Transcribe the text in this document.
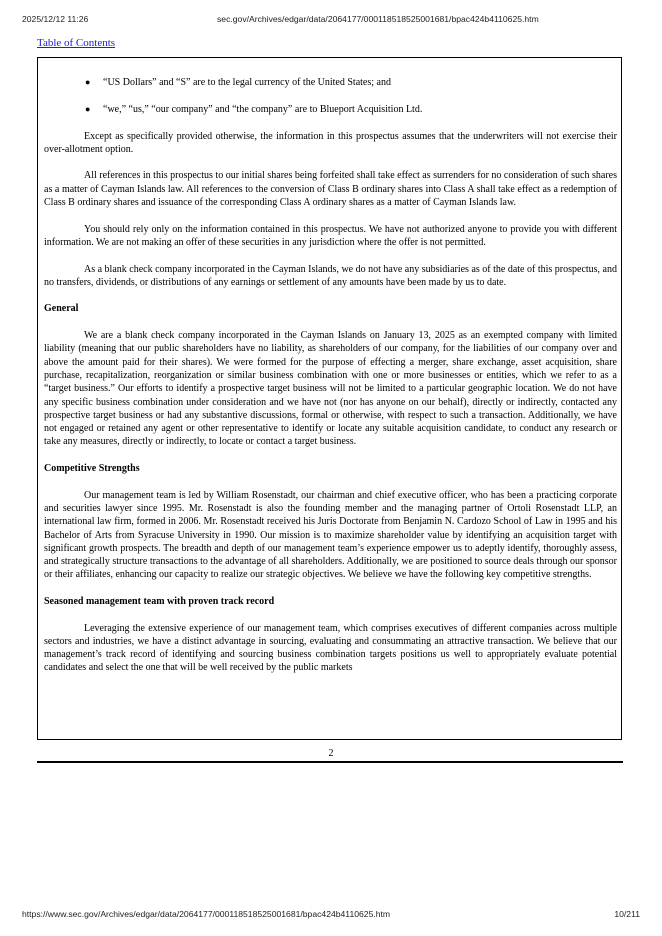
2025/12/12 11:26	sec.gov/Archives/edgar/data/2064177/000118518525001681/bpac424b4110625.htm
Table of Contents
● “US Dollars” and “S” are to the legal currency of the United States; and
● “we,” “us,” “our company” and “the company” are to Blueport Acquisition Ltd.

Except as specifically provided otherwise, the information in this prospectus assumes that the underwriters will not exercise their over-allotment option.

All references in this prospectus to our initial shares being forfeited shall take effect as surrenders for no consideration of such shares as a matter of Cayman Islands law. All references to the conversion of Class B ordinary shares into Class A shall take effect as a redemption of Class B ordinary shares and issuance of the corresponding Class A ordinary shares as a matter of Cayman Islands law.

You should rely only on the information contained in this prospectus. We have not authorized anyone to provide you with different information. We are not making an offer of these securities in any jurisdiction where the offer is not permitted.

As a blank check company incorporated in the Cayman Islands, we do not have any subsidiaries as of the date of this prospectus, and no transfers, dividends, or distributions of any earnings or settlement of any amounts have been made by us to date.

General

We are a blank check company incorporated in the Cayman Islands on January 13, 2025 as an exempted company with limited liability (meaning that our public shareholders have no liability, as shareholders of our company, for the liabilities of our company over and above the amount paid for their shares). We were formed for the purpose of effecting a merger, share exchange, asset acquisition, share purchase, recapitalization, reorganization or similar business combination with one or more businesses or entities, which we refer to as a “target business.” Our efforts to identify a prospective target business will not be limited to a particular geographic location. We do not have any specific business combination under consideration and we have not (nor has anyone on our behalf), directly or indirectly, contacted any prospective target business or had any substantive discussions, formal or otherwise, with respect to such a transaction. Additionally, we have not engaged or retained any agent or other representative to identify or locate any suitable acquisition candidate, to conduct any research or take any measures, directly or indirectly, to locate or contact a target business.

Competitive Strengths

Our management team is led by William Rosenstadt, our chairman and chief executive officer, who has been a practicing corporate and securities lawyer since 1995. Mr. Rosenstadt is also the founding member and the managing partner of Ortoli Rosenstadt LLP, an international law firm, formed in 2006. Mr. Rosenstadt received his Juris Doctorate from Benjamin N. Cardozo School of Law in 1995 and his Bachelor of Arts from Syracuse University in 1990. Our mission is to maximize shareholder value by identifying an acquisition target with significant growth prospects. The breadth and depth of our management team’s experience empower us to adeptly identify, thoroughly assess, and strategically structure transactions to the advantage of all shareholders. Additionally, we are positioned to source deals through our sponsor or their affiliates, enhancing our capacity to realize our strategic objectives. We believe we have the following key competitive strengths.

Seasoned management team with proven track record

Leveraging the extensive experience of our management team, which comprises executives of different companies across multiple sectors and industries, we have a distinct advantage in sourcing, evaluating and consummating an attractive transaction. We believe that our management’s track record of identifying and sourcing business combination targets positions us well to appropriately evaluate potential candidates and select the one that will be well received by the public markets

2
https://www.sec.gov/Archives/edgar/data/2064177/000118518525001681/bpac424b4110625.htm	10/211
